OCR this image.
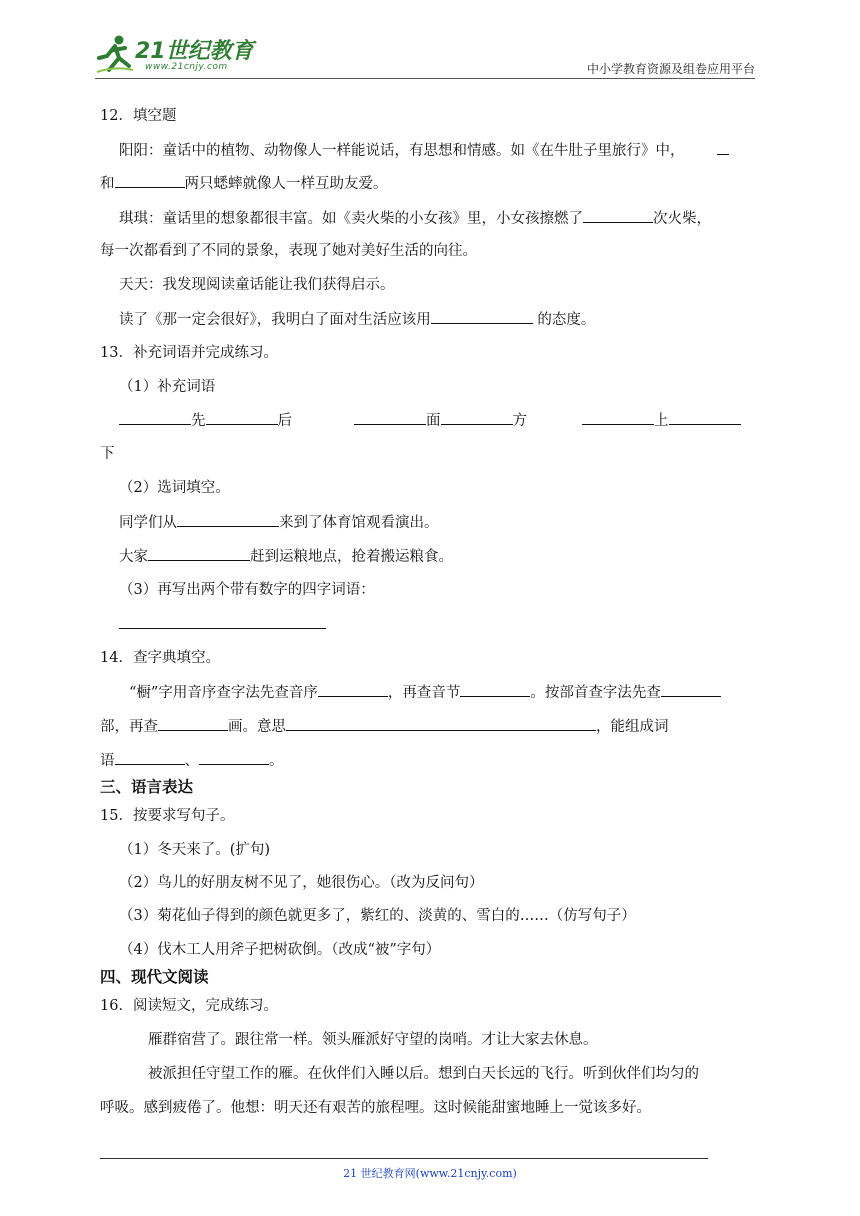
21世纪教育
www.21cnjy.com	中小学教育资源及组卷应用平台
12．填空题
阳阳：童话中的植物、动物像人一样能说话，有思想和情感。如《在牛肚子里旅行》中，
和	两只蟋蟀就像人一样互助友爱。
琪琪：童话里的想象都很丰富。如《卖火柴的小女孩》里，小女孩擦燃了	次火柴，
每一次都看到了不同的景象，表现了她对美好生活的向往。
天天：我发现阅读童话能让我们获得启示。
读了《那一定会很好》，我明白了面对生活应该用	的态度。
13．补充词语并完成练习。
（1）补充词语
先	后	面	方	上
下
（2）选词填空。
同学们从	来到了体育馆观看演出。
大家	赶到运粮地点，抢着搬运粮食。
（3）再写出两个带有数字的四字词语：
14．查字典填空。
“橱”字用音序查字法先查音序	，再查音节	。按部首查字法先查
部，再查	画。意思	，能组成词
语	、	。
三、语言表达
15．按要求写句子。
（1）冬天来了。(扩句)
（2）鸟儿的好朋友树不见了，她很伤心。（改为反问句）
（3）菊花仙子得到的颜色就更多了，紫红的、淡黄的、雪白的……（仿写句子）
（4）伐木工人用斧子把树砍倒。（改成“被”字句）
四、现代文阅读
16．阅读短文，完成练习。
雁群宿营了。跟往常一样。领头雁派好守望的岗哨。才让大家去休息。
被派担任守望工作的雁。在伙伴们入睡以后。想到白天长远的飞行。听到伙伴们均匀的
呼吸。感到疲倦了。他想：明天还有艰苦的旅程哩。这时候能甜蜜地睡上一觉该多好。
21 世纪教育网(www.21cnjy.com)
